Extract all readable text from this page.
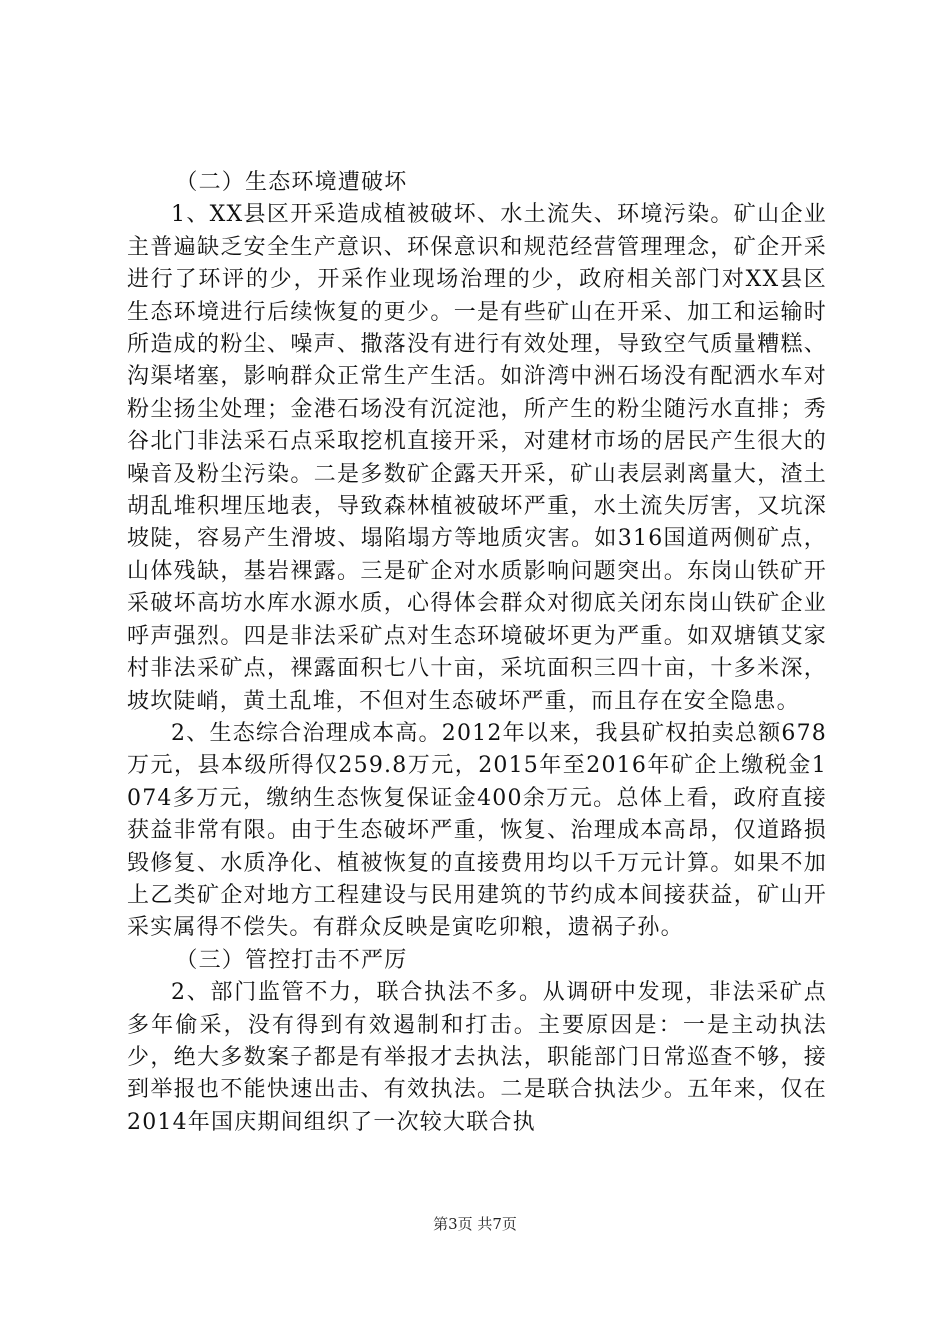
（二）生态环境遭破坏

1、XX县区开采造成植被破坏、水土流失、环境污染。矿山企业主普遍缺乏安全生产意识、环保意识和规范经营管理理念，矿企开采进行了环评的少，开采作业现场治理的少，政府相关部门对XX县区生态环境进行后续恢复的更少。一是有些矿山在开采、加工和运输时所造成的粉尘、噪声、撒落没有进行有效处理，导致空气质量糟糕、沟渠堵塞，影响群众正常生产生活。如浒湾中洲石场没有配洒水车对粉尘扬尘处理；金港石场没有沉淀池，所产生的粉尘随污水直排；秀谷北门非法采石点采取挖机直接开采，对建材市场的居民产生很大的噪音及粉尘污染。二是多数矿企露天开采，矿山表层剥离量大，渣土胡乱堆积埋压地表，导致森林植被破坏严重，水土流失厉害，又坑深坡陡，容易产生滑坡、塌陷塌方等地质灾害。如316国道两侧矿点，山体残缺，基岩裸露。三是矿企对水质影响问题突出。东岗山铁矿开采破坏高坊水库水源水质，心得体会群众对彻底关闭东岗山铁矿企业呼声强烈。四是非法采矿点对生态环境破坏更为严重。如双塘镇艾家村非法采矿点，裸露面积七八十亩，采坑面积三四十亩，十多米深，坡坎陡峭，黄土乱堆，不但对生态破坏严重，而且存在安全隐患。

2、生态综合治理成本高。2012年以来，我县矿权拍卖总额678万元，县本级所得仅259.8万元，2015年至2016年矿企上缴税金1074多万元，缴纳生态恢复保证金400余万元。总体上看，政府直接获益非常有限。由于生态破坏严重，恢复、治理成本高昂，仅道路损毁修复、水质净化、植被恢复的直接费用均以千万元计算。如果不加上乙类矿企对地方工程建设与民用建筑的节约成本间接获益，矿山开采实属得不偿失。有群众反映是寅吃卯粮，遗祸子孙。

（三）管控打击不严厉

2、部门监管不力，联合执法不多。从调研中发现，非法采矿点多年偷采，没有得到有效遏制和打击。主要原因是：一是主动执法少，绝大多数案子都是有举报才去执法，职能部门日常巡查不够，接到举报也不能快速出击、有效执法。二是联合执法少。五年来，仅在2014年国庆期间组织了一次较大联合执

第3页 共7页
